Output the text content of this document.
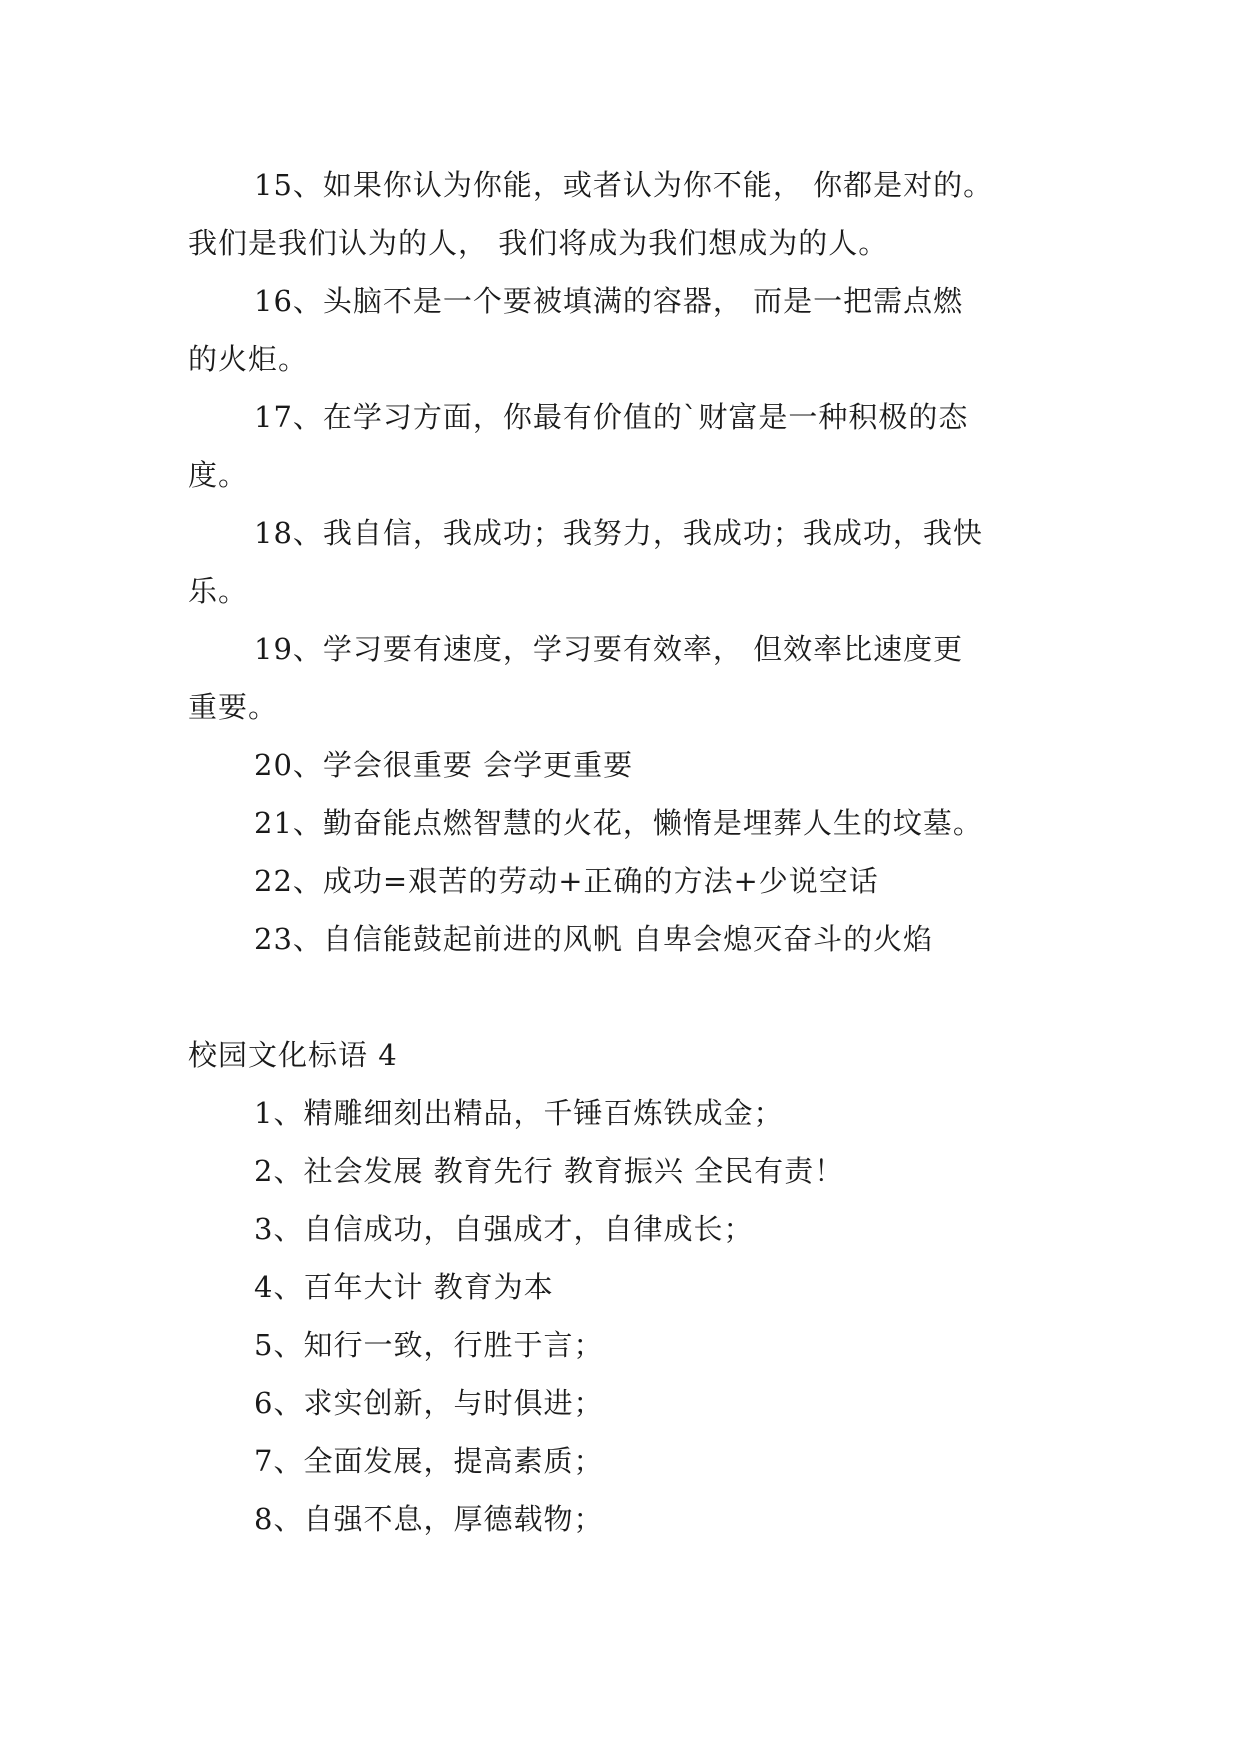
15、如果你认为你能，或者认为你不能， 你都是对的。
我们是我们认为的人， 我们将成为我们想成为的人。
16、头脑不是一个要被填满的容器， 而是一把需点燃
的火炬。
17、在学习方面，你最有价值的`财富是一种积极的态
度。
18、我自信，我成功；我努力，我成功；我成功，我快
乐。
19、学习要有速度，学习要有效率， 但效率比速度更
重要。
20、学会很重要 会学更重要
21、勤奋能点燃智慧的火花，懒惰是埋葬人生的坟墓。
22、成功=艰苦的劳动+正确的方法+少说空话
23、自信能鼓起前进的风帆 自卑会熄灭奋斗的火焰
校园文化标语 4
1、精雕细刻出精品，千锤百炼铁成金；
2、社会发展 教育先行 教育振兴 全民有责！
3、自信成功，自强成才，自律成长；
4、百年大计 教育为本
5、知行一致，行胜于言；
6、求实创新，与时俱进；
7、全面发展，提高素质；
8、自强不息，厚德载物；
